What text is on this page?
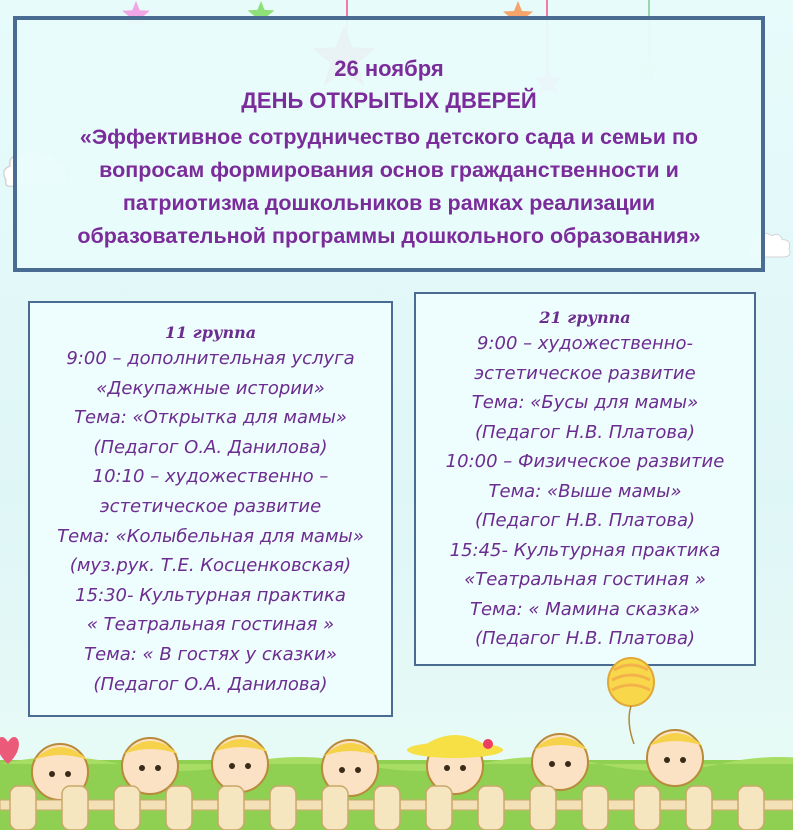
26 ноября
ДЕНЬ ОТКРЫТЫХ ДВЕРЕЙ
«Эффективное сотрудничество детского сада и семьи по
вопросам формирования основ гражданственности и
патриотизма дошкольников в рамках реализации
образовательной программы дошкольного образования»
11 группа
9:00 – дополнительная услуга
«Декупажные истории»
Тема: «Открытка для мамы»
(Педагог О.А. Данилова)
10:10 – художественно –
эстетическое развитие
Тема: «Колыбельная для мамы»
(муз.рук. Т.Е. Косценковская)
15:30- Культурная практика
« Театральная гостиная »
Тема: « В гостях у сказки»
(Педагог О.А. Данилова)
21 группа
9:00 – художественно-
эстетическое развитие
Тема: «Бусы для мамы»
(Педагог Н.В. Платова)
10:00 – Физическое развитие
Тема: «Выше мамы»
(Педагог Н.В. Платова)
15:45- Культурная практика
«Театральная гостиная »
Тема: « Мамина сказка»
(Педагог Н.В. Платова)
